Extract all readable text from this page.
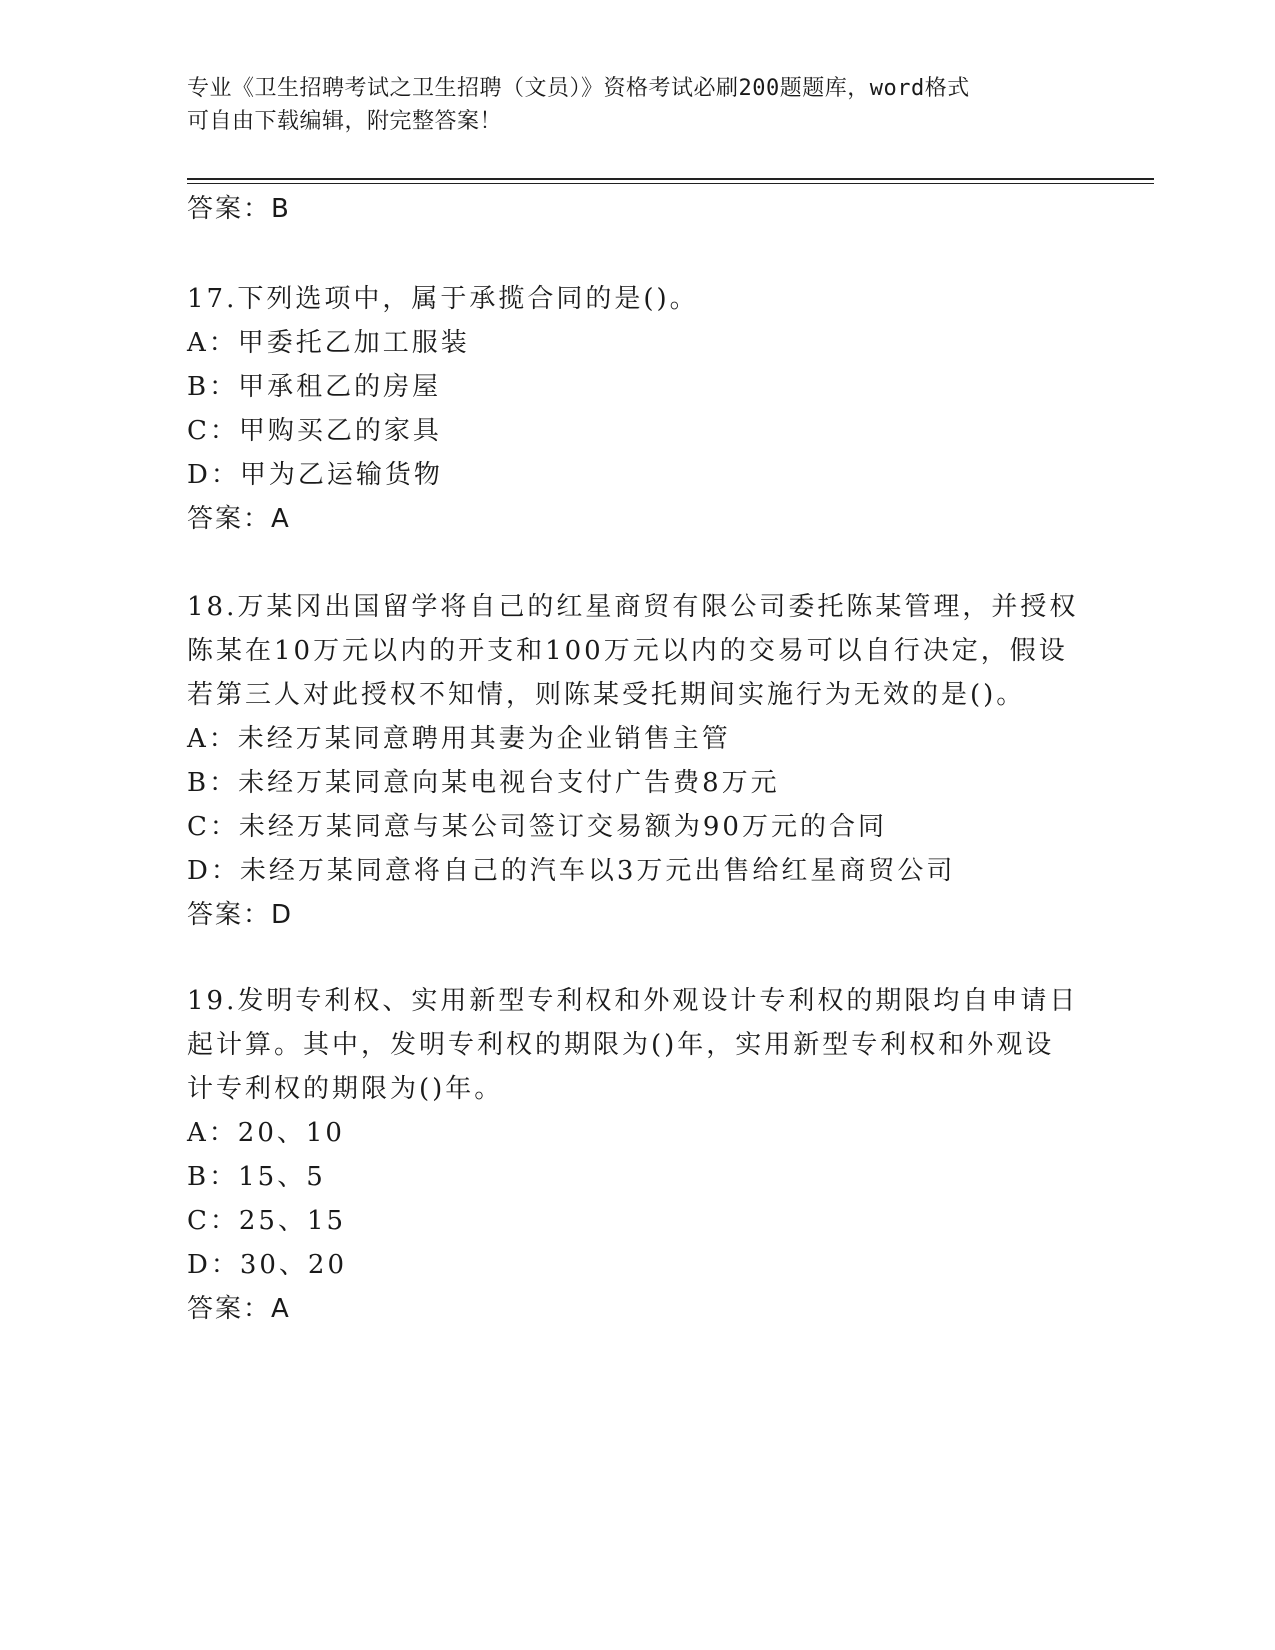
专业《卫生招聘考试之卫生招聘（文员）》资格考试必刷200题题库，word格式
可自由下载编辑，附完整答案！
答案：B
17.下列选项中，属于承揽合同的是()。
A：甲委托乙加工服装
B：甲承租乙的房屋
C：甲购买乙的家具
D：甲为乙运输货物
答案：A
18.万某冈出国留学将自己的红星商贸有限公司委托陈某管理，并授权
陈某在10万元以内的开支和100万元以内的交易可以自行决定，假设
若第三人对此授权不知情，则陈某受托期间实施行为无效的是()。
A：未经万某同意聘用其妻为企业销售主管
B：未经万某同意向某电视台支付广告费8万元
C：未经万某同意与某公司签订交易额为90万元的合同
D：未经万某同意将自己的汽车以3万元出售给红星商贸公司
答案：D
19.发明专利权、实用新型专利权和外观设计专利权的期限均自申请日
起计算。其中，发明专利权的期限为()年，实用新型专利权和外观设
计专利权的期限为()年。
A：20、10
B：15、5
C：25、15
D：30、20
答案：A
